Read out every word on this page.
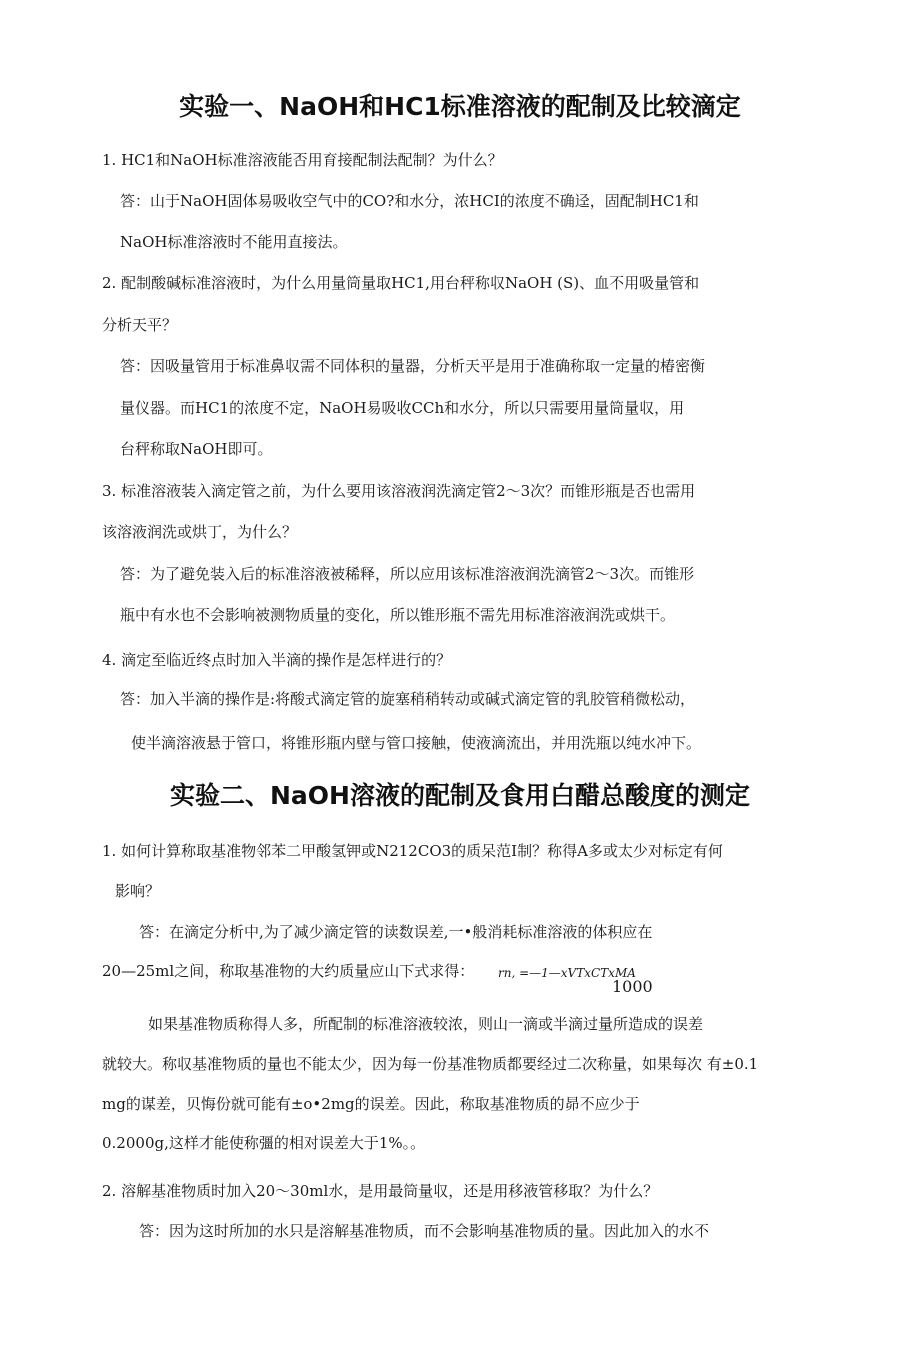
实验一、NaOH和HC1标准溶液的配制及比较滴定
1. HC1和NaOH标准溶液能否用育接配制法配制？为什么？
答：山于NaOH固体易吸收空气中的CO?和水分，浓HCI的浓度不确迳，固配制HC1和
NaOH标准溶液时不能用直接法。
2. 配制酸碱标准溶液时，为什么用量筒量取HC1,用台秤称収NaOH (S)、血不用吸量管和
分析天平？
答：因吸量管用于标准鼻収需不同体积的量器，分析天平是用于准确称取一定量的椿密衡
量仪器。而HC1的浓度不定，NaOH易吸收CCh和水分，所以只需要用量筒量収，用
台秤称取NaOH即可。
3. 标准溶液装入滴定管之前，为什么要用该溶液润洗滴定管2～3次？而锥形瓶是否也需用
该溶液润洗或烘丁，为什么？
答：为了避免装入后的标准溶液被稀释，所以应用该标准溶液润洗滴管2～3次。而锥形
瓶中有水也不会影响被测物质量的变化，所以锥形瓶不需先用标准溶液润洗或烘干。
4. 滴定至临近终点时加入半滴的操作是怎样进行的？
答：加入半滴的操作是:将酸式滴定管的旋塞稍稍转动或碱式滴定管的乳胶管稍微松动，
使半滴溶液悬于管口，将锥形瓶内壁与管口接触，使液滴流出，并用洗瓶以纯水冲下。
实验二、NaOH溶液的配制及食用白醋总酸度的测定
1. 如何计算称取基准物邻苯二甲酸氢钾或N212CO3的质呆范I制？称得A多或太少对标定有何
影响？
答：在滴定分析中,为了减少滴定管的读数误差,一•般消耗标准溶液的体积应在
20—25ml之间，称取基准物的大约质量应山下式求得： rn, =—1—xVTxCTxMA
1000
如果基准物质称得人多，所配制的标准溶液较浓，则山一滴或半滴过量所造成的误差
就较大。称収基准物质的量也不能太少，因为每一份基准物质都要经过二次称量，如果每次 有±0.1
mg的谋差，贝悔份就可能有±o•2mg的误差。因此，称取基准物质的昴不应少于
0.2000g,这样才能使称彊的相对误差大于1%。。
2. 溶解基准物质时加入20～30ml水，是用最筒量収，还是用移液管移取？为什么？
答：因为这时所加的水只是溶解基准物质，而不会影响基准物质的量。因此加入的水不
